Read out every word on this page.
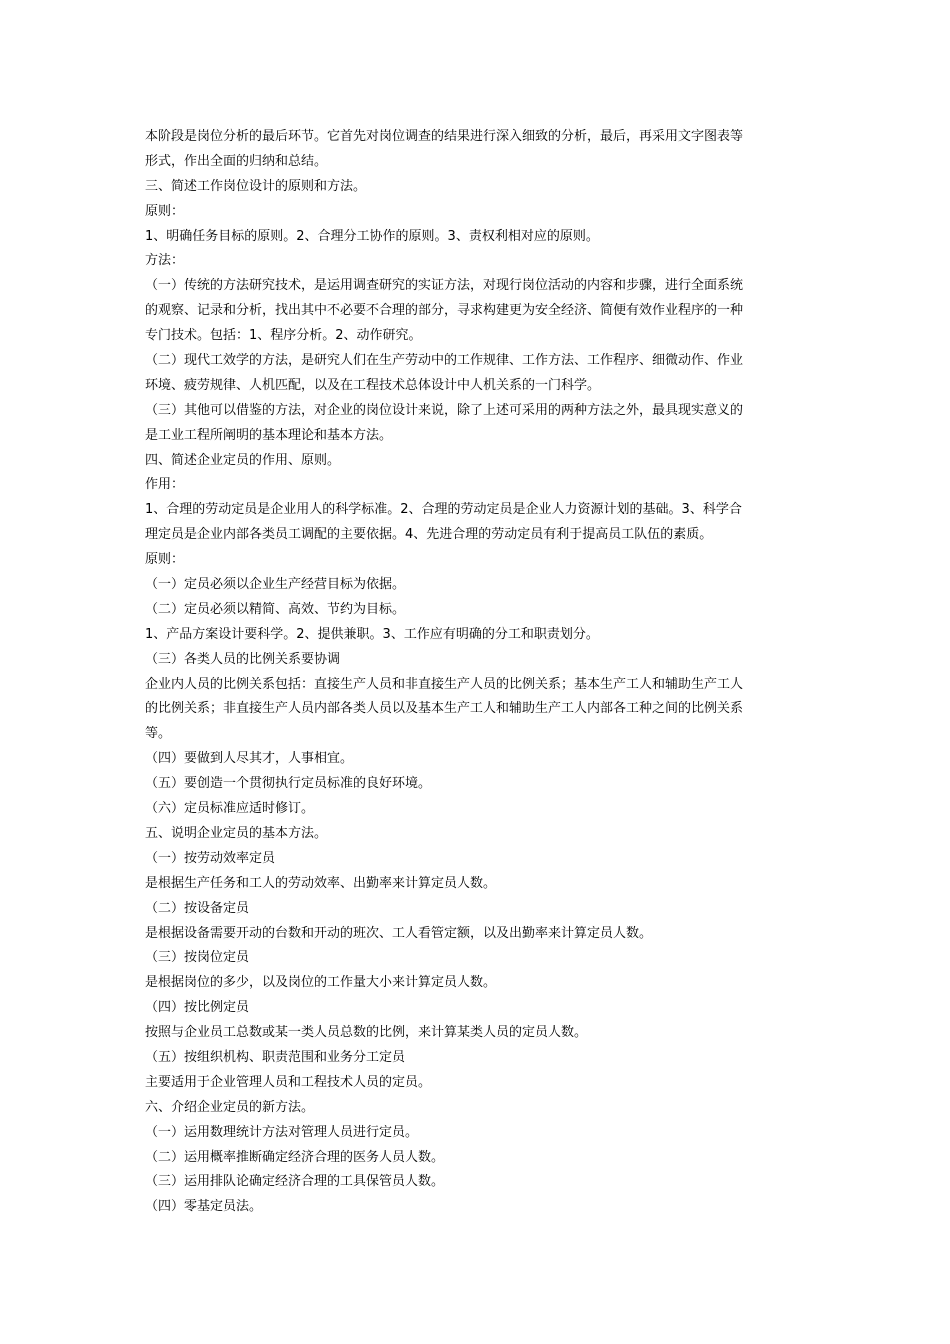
本阶段是岗位分析的最后环节。它首先对岗位调查的结果进行深入细致的分析，最后，再采用文字图表等
形式，作出全面的归纳和总结。
三、简述工作岗位设计的原则和方法。
原则：
1、明确任务目标的原则。2、合理分工协作的原则。3、责权利相对应的原则。
方法：
（一）传统的方法研究技术，是运用调查研究的实证方法，对现行岗位活动的内容和步骤，进行全面系统
的观察、记录和分析，找出其中不必要不合理的部分，寻求构建更为安全经济、简便有效作业程序的一种
专门技术。包括：1、程序分析。2、动作研究。
（二）现代工效学的方法，是研究人们在生产劳动中的工作规律、工作方法、工作程序、细微动作、作业
环境、疲劳规律、人机匹配，以及在工程技术总体设计中人机关系的一门科学。
（三）其他可以借鉴的方法，对企业的岗位设计来说，除了上述可采用的两种方法之外，最具现实意义的
是工业工程所阐明的基本理论和基本方法。
四、简述企业定员的作用、原则。
作用：
1、合理的劳动定员是企业用人的科学标准。2、合理的劳动定员是企业人力资源计划的基础。3、科学合
理定员是企业内部各类员工调配的主要依据。4、先进合理的劳动定员有利于提高员工队伍的素质。
原则：
（一）定员必须以企业生产经营目标为依据。
（二）定员必须以精简、高效、节约为目标。
1、产品方案设计要科学。2、提供兼职。3、工作应有明确的分工和职责划分。
（三）各类人员的比例关系要协调
企业内人员的比例关系包括：直接生产人员和非直接生产人员的比例关系；基本生产工人和辅助生产工人
的比例关系；非直接生产人员内部各类人员以及基本生产工人和辅助生产工人内部各工种之间的比例关系
等。
（四）要做到人尽其才，人事相宜。
（五）要创造一个贯彻执行定员标准的良好环境。
（六）定员标准应适时修订。
五、说明企业定员的基本方法。
（一）按劳动效率定员
是根据生产任务和工人的劳动效率、出勤率来计算定员人数。
（二）按设备定员
是根据设备需要开动的台数和开动的班次、工人看管定额，以及出勤率来计算定员人数。
（三）按岗位定员
是根据岗位的多少，以及岗位的工作量大小来计算定员人数。
（四）按比例定员
按照与企业员工总数或某一类人员总数的比例，来计算某类人员的定员人数。
（五）按组织机构、职责范围和业务分工定员
主要适用于企业管理人员和工程技术人员的定员。
六、介绍企业定员的新方法。
（一）运用数理统计方法对管理人员进行定员。
（二）运用概率推断确定经济合理的医务人员人数。
（三）运用排队论确定经济合理的工具保管员人数。
（四）零基定员法。
